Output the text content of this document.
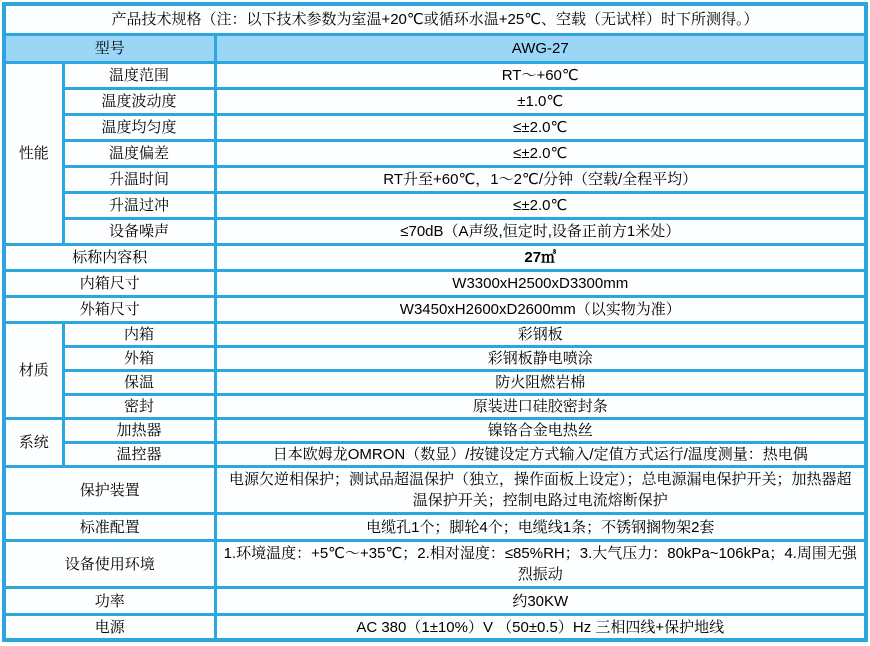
产品技术规格（注：以下技术参数为室温+20℃或循环水温+25℃、空载（无试样）时下所测得。）		
型号		AWG-27
性能	温度范围	RT～+60℃
	温度波动度	±1.0℃
	温度均匀度	≤±2.0℃
	温度偏差	≤±2.0℃
	升温时间	RT升至+60℃，1～2℃/分钟（空载/全程平均）
	升温过冲	≤±2.0℃
	设备噪声	≤70dB（A声级,恒定时,设备正前方1米处）
标称内容积		27㎥
内箱尺寸		W3300xH2500xD3300mm
外箱尺寸		W3450xH2600xD2600mm（以实物为准）
材质	内箱	彩钢板
	外箱	彩钢板静电喷涂
	保温	防火阻燃岩棉
	密封	原装进口硅胶密封条
系统	加热器	镍铬合金电热丝
	温控器	日本欧姆龙OMRON（数显）/按键设定方式输入/定值方式运行/温度测量：热电偶
保护装置		电源欠逆相保护；测试品超温保护（独立，操作面板上设定）；总电源漏电保护开关；加热器超温保护开关；控制电路过电流熔断保护
标准配置		电缆孔1个；脚轮4个；电缆线1条；不锈钢搁物架2套
设备使用环境		1.环境温度：+5℃～+35℃；2.相对湿度：≤85%RH；3.大气压力：80kPa~106kPa；4.周围无强烈振动
功率		约30KW
电源		AC 380（1±10%）V （50±0.5）Hz 三相四线+保护地线
